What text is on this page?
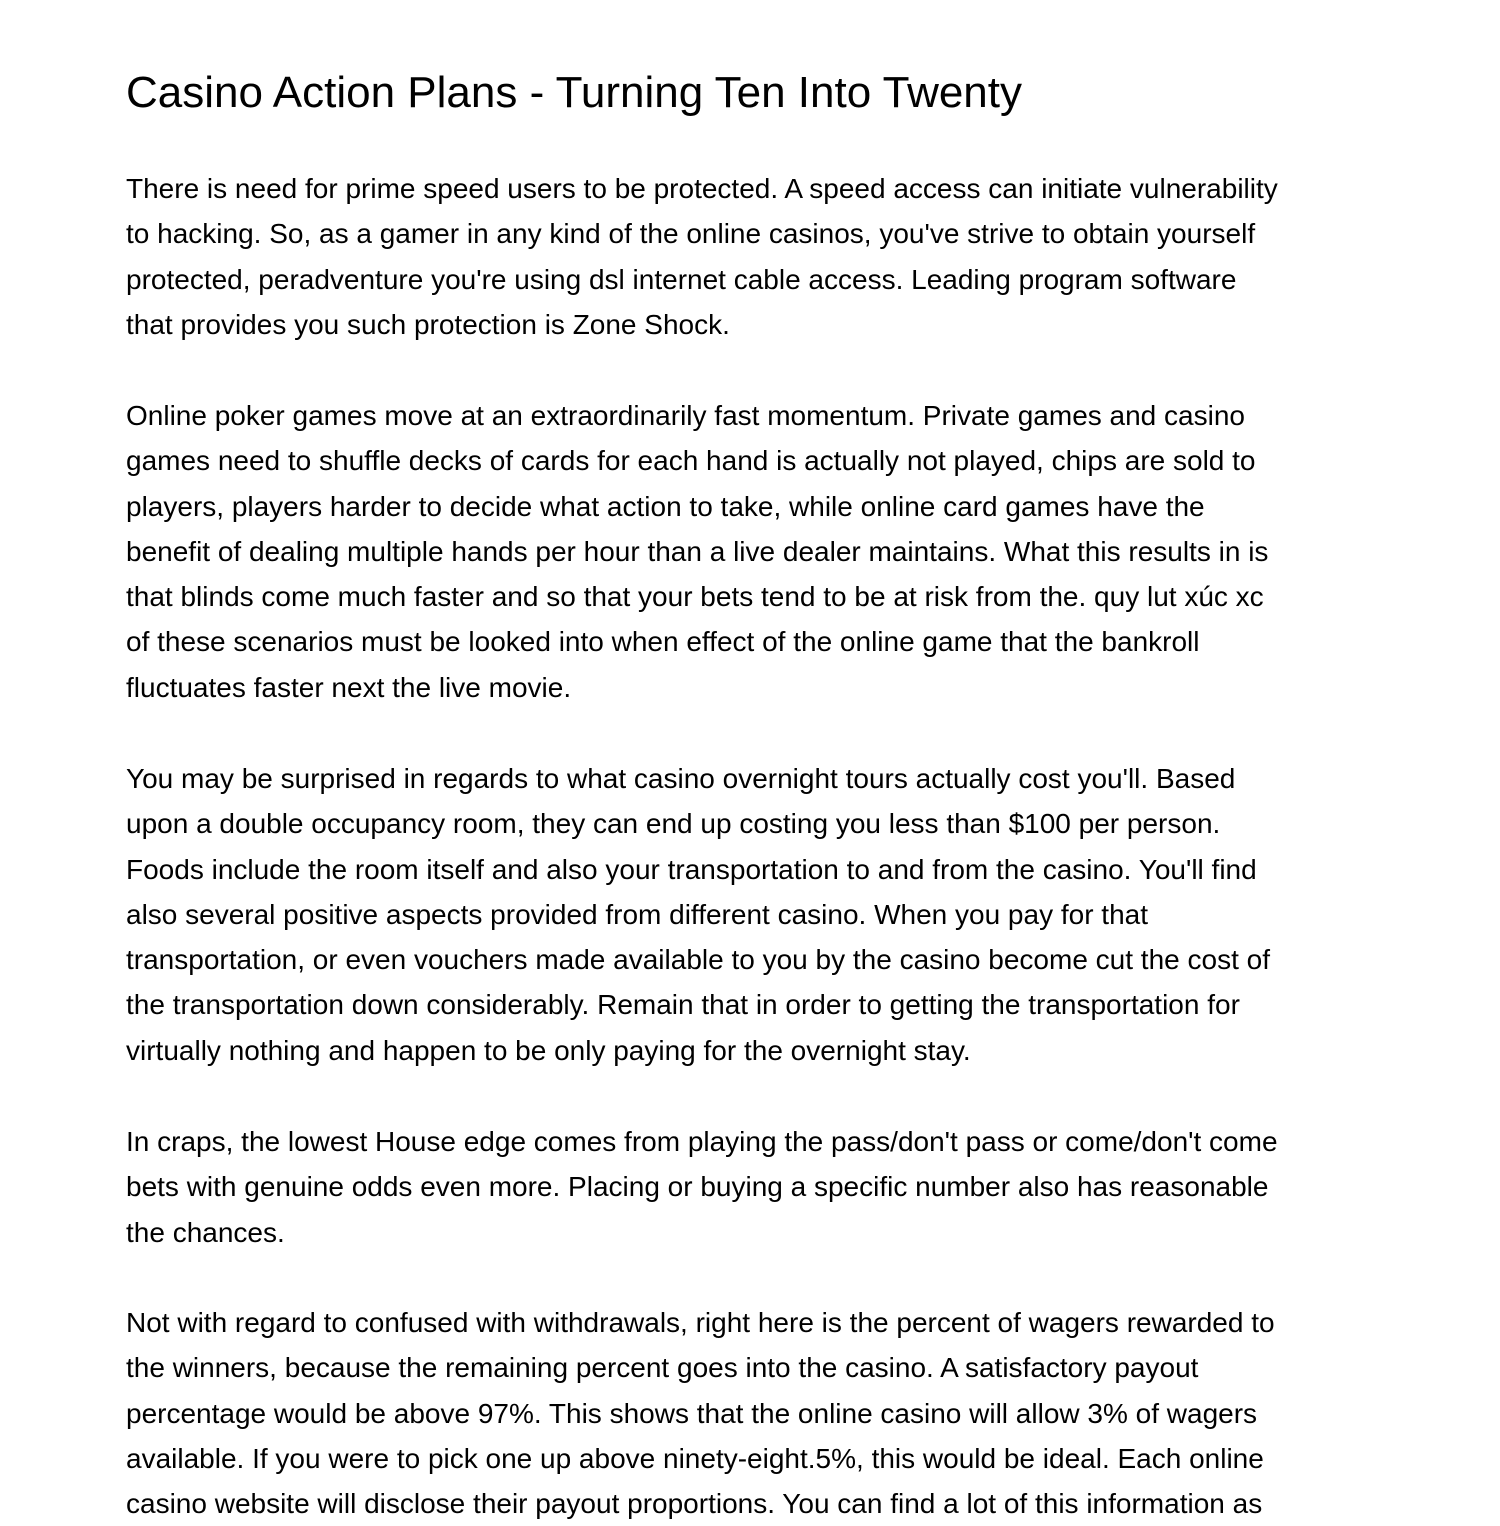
Casino Action Plans - Turning Ten Into Twenty

There is need for prime speed users to be protected. A speed access can initiate vulnerability
to hacking. So, as a gamer in any kind of the online casinos, you've strive to obtain yourself
protected, peradventure you're using dsl internet cable access. Leading program software
that provides you such protection is Zone Shock.

Online poker games move at an extraordinarily fast momentum. Private games and casino
games need to shuffle decks of cards for each hand is actually not played, chips are sold to
players, players harder to decide what action to take, while online card games have the
benefit of dealing multiple hands per hour than a live dealer maintains. What this results in is
that blinds come much faster and so that your bets tend to be at risk from the. quy lut xúc xc
of these scenarios must be looked into when effect of the online game that the bankroll
fluctuates faster next the live movie.

You may be surprised in regards to what casino overnight tours actually cost you'll. Based
upon a double occupancy room, they can end up costing you less than $100 per person.
Foods include the room itself and also your transportation to and from the casino. You'll find
also several positive aspects provided from different casino. When you pay for that
transportation, or even vouchers made available to you by the casino become cut the cost of
the transportation down considerably. Remain that in order to getting the transportation for
virtually nothing and happen to be only paying for the overnight stay.

In craps, the lowest House edge comes from playing the pass/don't pass or come/don't come
bets with genuine odds even more. Placing or buying a specific number also has reasonable
the chances.

Not with regard to confused with withdrawals, right here is the percent of wagers rewarded to
the winners, because the remaining percent goes into the casino. A satisfactory payout
percentage would be above 97%. This shows that the online casino will allow 3% of wagers
available. If you were to pick one up above ninety-eight.5%, this would be ideal. Each online
casino website will disclose their payout proportions. You can find a lot of this information as
